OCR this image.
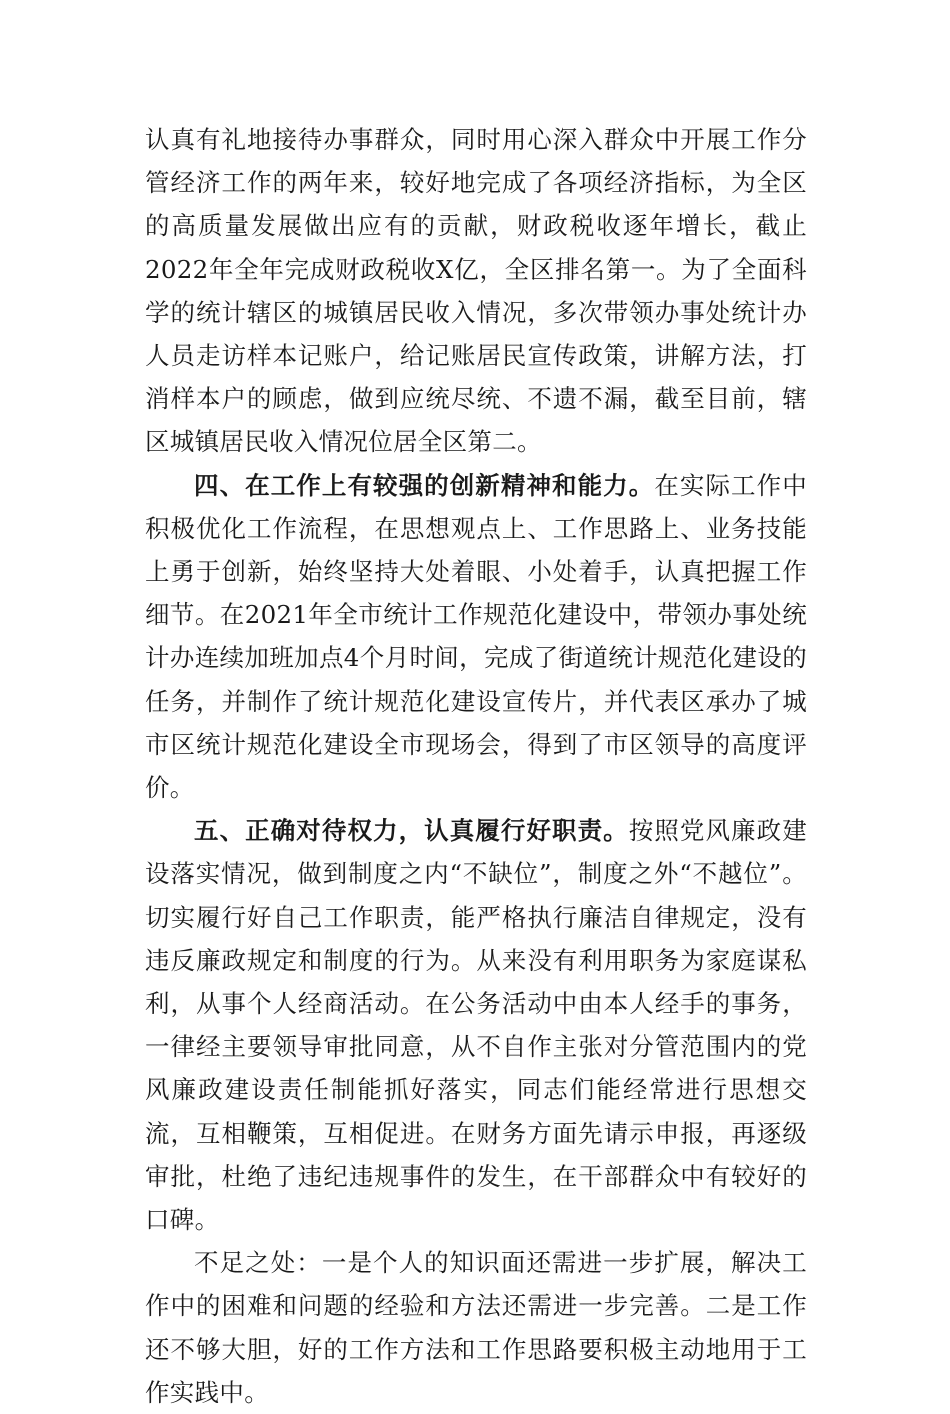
认真有礼地接待办事群众，同时用心深入群众中开展工作分管经济工作的两年来，较好地完成了各项经济指标，为全区的高质量发展做出应有的贡献，财政税收逐年增长，截止2022年全年完成财政税收X亿，全区排名第一。为了全面科学的统计辖区的城镇居民收入情况，多次带领办事处统计办人员走访样本记账户，给记账居民宣传政策，讲解方法，打消样本户的顾虑，做到应统尽统、不遗不漏，截至目前，辖区城镇居民收入情况位居全区第二。

四、在工作上有较强的创新精神和能力。在实际工作中积极优化工作流程，在思想观点上、工作思路上、业务技能上勇于创新，始终坚持大处着眼、小处着手，认真把握工作细节。在2021年全市统计工作规范化建设中，带领办事处统计办连续加班加点4个月时间，完成了街道统计规范化建设的任务，并制作了统计规范化建设宣传片，并代表区承办了城市区统计规范化建设全市现场会，得到了市区领导的高度评价。

五、正确对待权力，认真履行好职责。按照党风廉政建设落实情况，做到制度之内“不缺位”，制度之外“不越位”。切实履行好自己工作职责，能严格执行廉洁自律规定，没有违反廉政规定和制度的行为。从来没有利用职务为家庭谋私利，从事个人经商活动。在公务活动中由本人经手的事务，一律经主要领导审批同意，从不自作主张对分管范围内的党风廉政建设责任制能抓好落实，同志们能经常进行思想交流，互相鞭策，互相促进。在财务方面先请示申报，再逐级审批，杜绝了违纪违规事件的发生，在干部群众中有较好的口碑。

不足之处：一是个人的知识面还需进一步扩展，解决工作中的困难和问题的经验和方法还需进一步完善。二是工作还不够大胆，好的工作方法和工作思路要积极主动地用于工作实践中。
